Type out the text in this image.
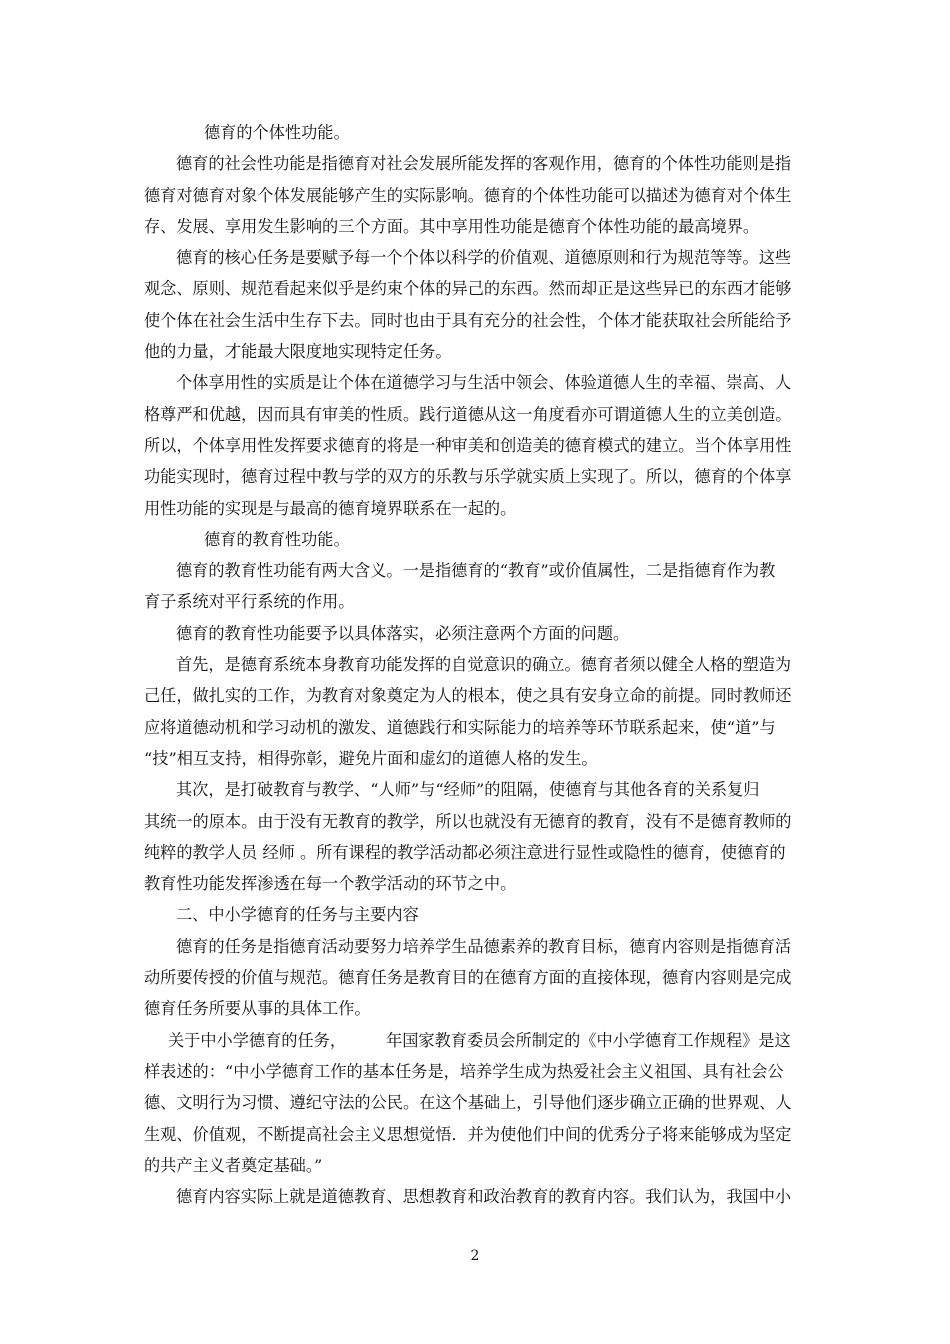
德育的个体性功能。
德育的社会性功能是指德育对社会发展所能发挥的客观作用，德育的个体性功能则是指
德育对德育对象个体发展能够产生的实际影响。德育的个体性功能可以描述为德育对个体生
存、发展、享用发生影响的三个方面。其中享用性功能是德育个体性功能的最高境界。
德育的核心任务是要赋予每一个个体以科学的价值观、道德原则和行为规范等等。这些
观念、原则、规范看起来似乎是约束个体的异己的东西。然而却正是这些异已的东西才能够
使个体在社会生活中生存下去。同时也由于具有充分的社会性，个体才能获取社会所能给予
他的力量，才能最大限度地实现特定任务。
个体享用性的实质是让个体在道德学习与生活中领会、体验道德人生的幸福、崇高、人
格尊严和优越，因而具有审美的性质。践行道德从这一角度看亦可谓道德人生的立美创造。
所以，个体享用性发挥要求德育的将是一种审美和创造美的德育模式的建立。当个体享用性
功能实现时，德育过程中教与学的双方的乐教与乐学就实质上实现了。所以，德育的个体享
用性功能的实现是与最高的德育境界联系在一起的。
德育的教育性功能。
德育的教育性功能有两大含义。一是指德育的“教育”或价值属性，二是指德育作为教
育子系统对平行系统的作用。
德育的教育性功能要予以具体落实，必须注意两个方面的问题。
首先，是德育系统本身教育功能发挥的自觉意识的确立。德育者须以健全人格的塑造为
己任，做扎实的工作，为教育对象奠定为人的根本，使之具有安身立命的前提。同时教师还
应将道德动机和学习动机的激发、道德践行和实际能力的培养等环节联系起来，使“道”与
“技”相互支持，相得弥彰，避免片面和虚幻的道德人格的发生。
其次，是打破教育与教学、“人师”与“经师”的阻隔，使德育与其他各育的关系复归
其统一的原本。由于没有无教育的教学，所以也就没有无德育的教育，没有不是德育教师的
纯粹的教学人员 经师 。所有课程的教学活动都必须注意进行显性或隐性的德育，使德育的
教育性功能发挥渗透在每一个教学活动的环节之中。
二、中小学德育的任务与主要内容
德育的任务是指德育活动要努力培养学生品德素养的教育目标，德育内容则是指德育活
动所要传授的价值与规范。德育任务是教育目的在德育方面的直接体现，德育内容则是完成
德育任务所要从事的具体工作。
关于中小学德育的任务， 年国家教育委员会所制定的《中小学德育工作规程》是这
样表述的：“中小学德育工作的基本任务是，培养学生成为热爱社会主义祖国、具有社会公
德、文明行为习惯、遵纪守法的公民。在这个基础上，引导他们逐步确立正确的世界观、人
生观、价值观，不断提高社会主义思想觉悟．并为使他们中间的优秀分子将来能够成为坚定
的共产主义者奠定基础。”
德育内容实际上就是道德教育、思想教育和政治教育的教育内容。我们认为，我国中小
2
